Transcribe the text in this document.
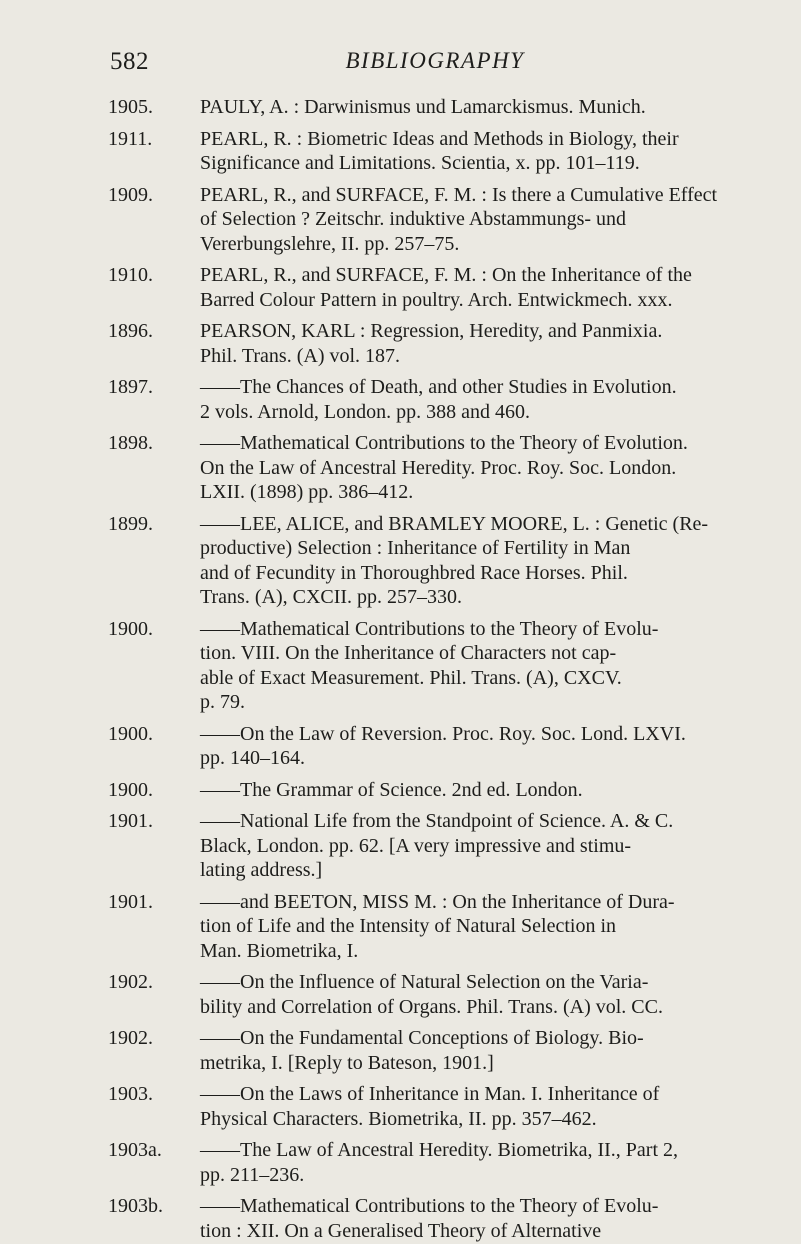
582	BIBLIOGRAPHY
1905.	PAULY, A. : Darwinismus und Lamarckismus. Munich.
1911.	PEARL, R. : Biometric Ideas and Methods in Biology, their
Significance and Limitations. Scientia, x. pp. 101–119.
1909.	PEARL, R., and SURFACE, F. M. : Is there a Cumulative Effect
of Selection ? Zeitschr. induktive Abstammungs- und
Vererbungslehre, II. pp. 257–75.
1910.	PEARL, R., and SURFACE, F. M. : On the Inheritance of the
Barred Colour Pattern in poultry. Arch. Entwickmech. xxx.
1896.	PEARSON, KARL : Regression, Heredity, and Panmixia.
Phil. Trans. (A) vol. 187.
1897.	——The Chances of Death, and other Studies in Evolution.
2 vols. Arnold, London. pp. 388 and 460.
1898.	——Mathematical Contributions to the Theory of Evolution.
On the Law of Ancestral Heredity. Proc. Roy. Soc. London.
LXII. (1898) pp. 386–412.
1899.	——LEE, ALICE, and BRAMLEY MOORE, L. : Genetic (Re-
productive) Selection : Inheritance of Fertility in Man
and of Fecundity in Thoroughbred Race Horses. Phil.
Trans. (A), CXCII. pp. 257–330.
1900.	——Mathematical Contributions to the Theory of Evolu-
tion. VIII. On the Inheritance of Characters not cap-
able of Exact Measurement. Phil. Trans. (A), CXCV.
p. 79.
1900.	——On the Law of Reversion. Proc. Roy. Soc. Lond. LXVI.
pp. 140–164.
1900.	——The Grammar of Science. 2nd ed. London.
1901.	——National Life from the Standpoint of Science. A. & C.
Black, London. pp. 62. [A very impressive and stimu-
lating address.]
1901.	——and BEETON, MISS M. : On the Inheritance of Dura-
tion of Life and the Intensity of Natural Selection in
Man. Biometrika, I.
1902.	——On the Influence of Natural Selection on the Varia-
bility and Correlation of Organs. Phil. Trans. (A) vol. CC.
1902.	——On the Fundamental Conceptions of Biology. Bio-
metrika, I. [Reply to Bateson, 1901.]
1903.	——On the Laws of Inheritance in Man. I. Inheritance of
Physical Characters. Biometrika, II. pp. 357–462.
1903a.	——The Law of Ancestral Heredity. Biometrika, II., Part 2,
pp. 211–236.
1903b.	——Mathematical Contributions to the Theory of Evolu-
tion : XII. On a Generalised Theory of Alternative
